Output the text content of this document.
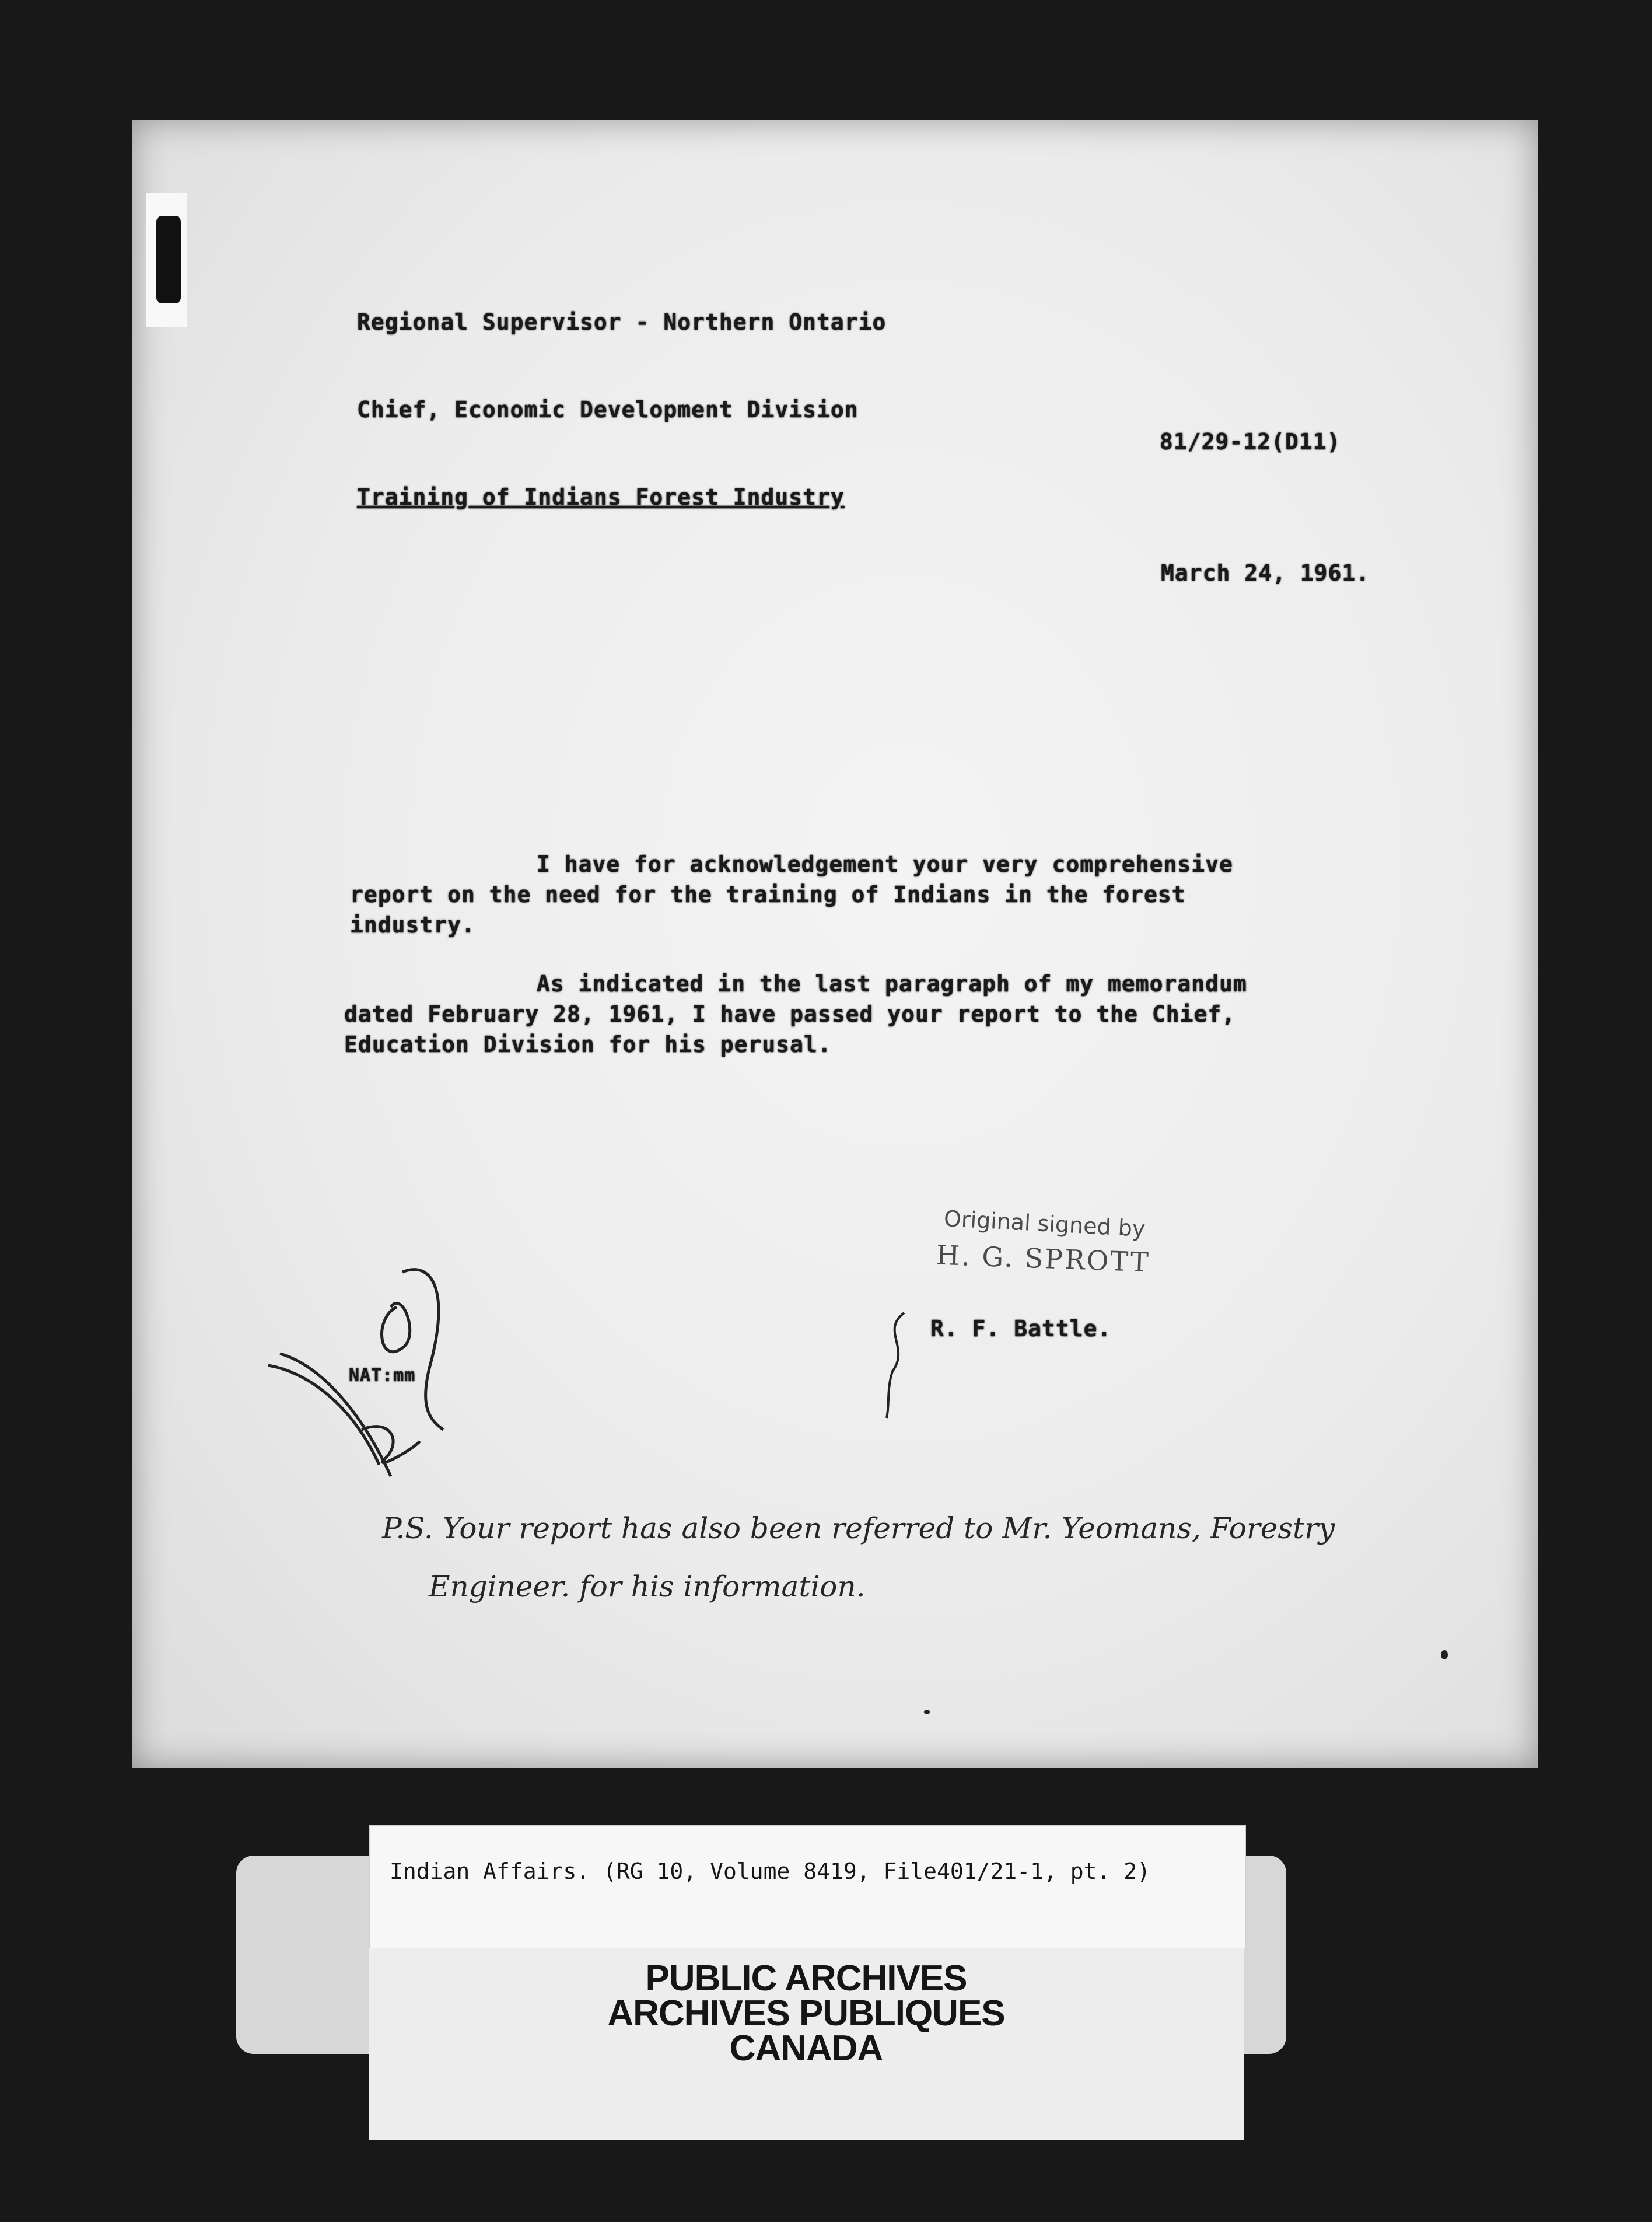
Regional Supervisor - Northern Ontario
Chief, Economic Development Division
81/29-12(D11)
Training of Indians Forest Industry
March 24, 1961.
I have for acknowledgement your very comprehensive
report on the need for the training of Indians in the forest
industry.
As indicated in the last paragraph of my memorandum
dated February 28, 1961, I have passed your report to the Chief,
Education Division for his perusal.
Original signed by
H. G. SPROTT
R. F. Battle.
NAT:mm
P.S. Your report has also been referred to Mr. Yeomans, Forestry
Engineer. for his information.
Indian Affairs. (RG 10, Volume 8419, File401/21-1, pt. 2)
PUBLIC ARCHIVES
ARCHIVES PUBLIQUES
CANADA
